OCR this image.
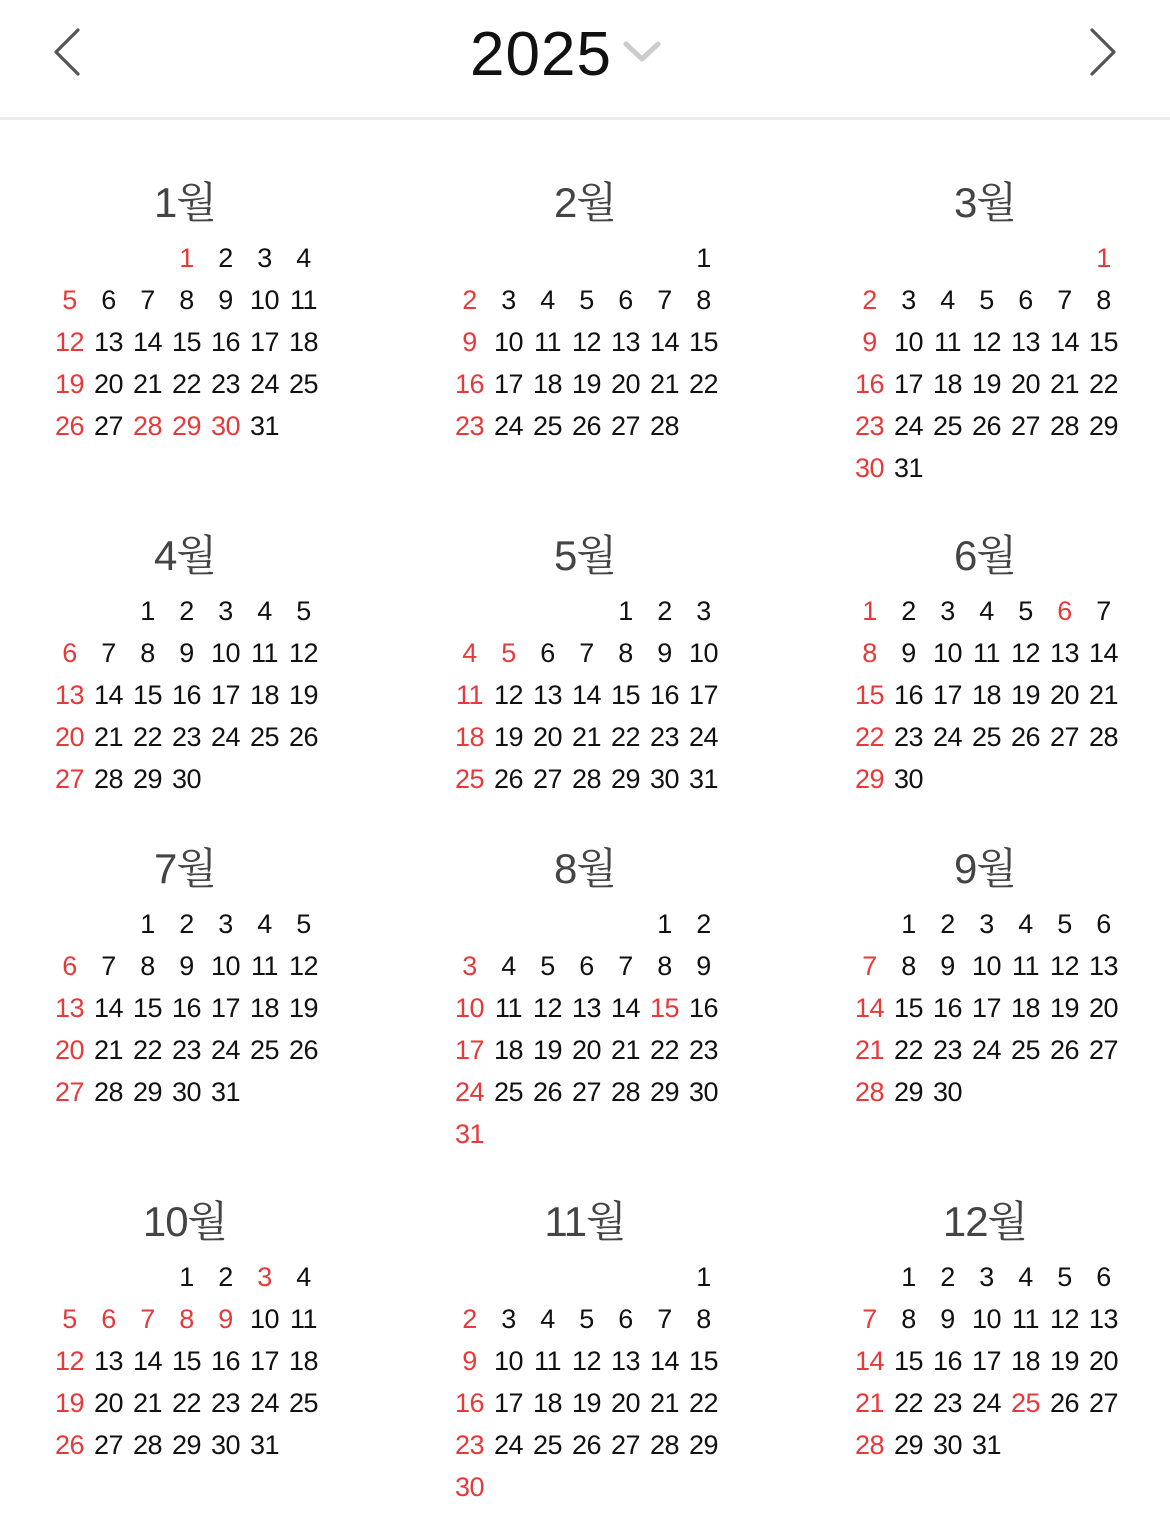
2025
1월
1 2 3 4
5 6 7 8 9 10 11
12 13 14 15 16 17 18
19 20 21 22 23 24 25
26 27 28 29 30 31
2월
1
2 3 4 5 6 7 8
9 10 11 12 13 14 15
16 17 18 19 20 21 22
23 24 25 26 27 28
3월
1
2 3 4 5 6 7 8
9 10 11 12 13 14 15
16 17 18 19 20 21 22
23 24 25 26 27 28 29
30 31
4월
1 2 3 4 5
6 7 8 9 10 11 12
13 14 15 16 17 18 19
20 21 22 23 24 25 26
27 28 29 30
5월
1 2 3
4 5 6 7 8 9 10
11 12 13 14 15 16 17
18 19 20 21 22 23 24
25 26 27 28 29 30 31
6월
1 2 3 4 5 6 7
8 9 10 11 12 13 14
15 16 17 18 19 20 21
22 23 24 25 26 27 28
29 30
7월
1 2 3 4 5
6 7 8 9 10 11 12
13 14 15 16 17 18 19
20 21 22 23 24 25 26
27 28 29 30 31
8월
1 2
3 4 5 6 7 8 9
10 11 12 13 14 15 16
17 18 19 20 21 22 23
24 25 26 27 28 29 30
31
9월
1 2 3 4 5 6
7 8 9 10 11 12 13
14 15 16 17 18 19 20
21 22 23 24 25 26 27
28 29 30
10월
1 2 3 4
5 6 7 8 9 10 11
12 13 14 15 16 17 18
19 20 21 22 23 24 25
26 27 28 29 30 31
11월
1
2 3 4 5 6 7 8
9 10 11 12 13 14 15
16 17 18 19 20 21 22
23 24 25 26 27 28 29
30
12월
1 2 3 4 5 6
7 8 9 10 11 12 13
14 15 16 17 18 19 20
21 22 23 24 25 26 27
28 29 30 31
